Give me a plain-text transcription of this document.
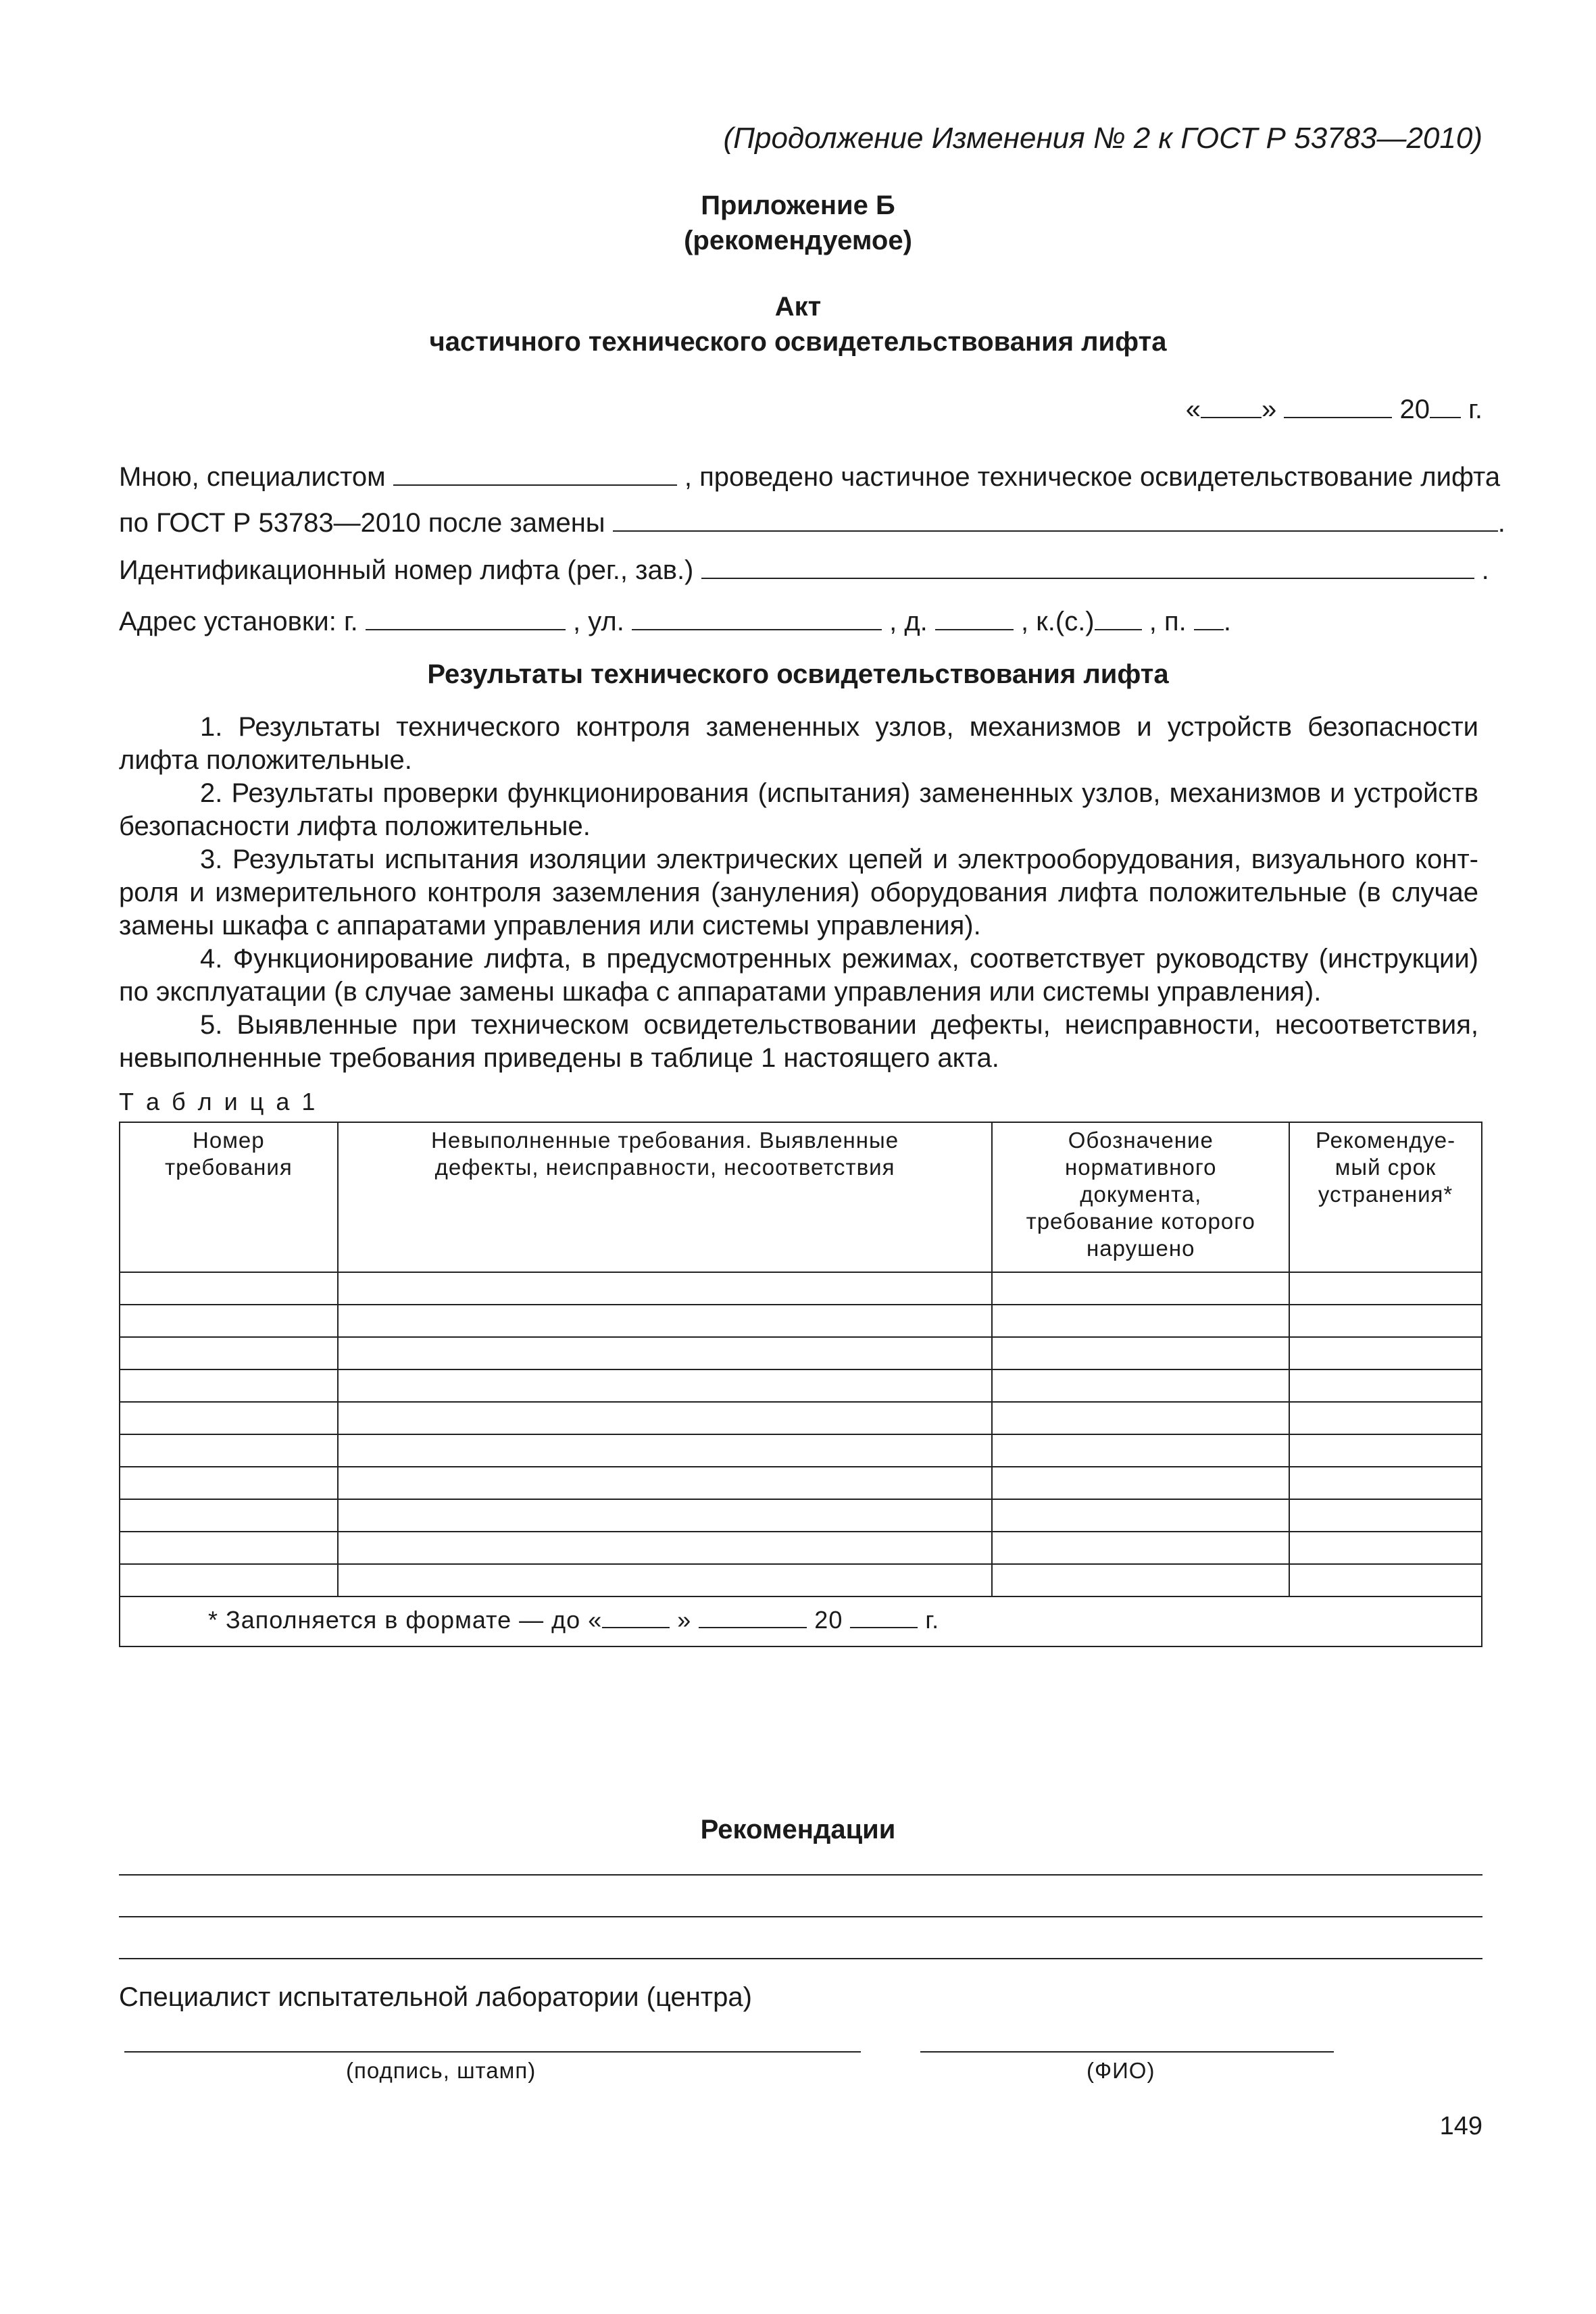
(Продолжение Изменения № 2 к ГОСТ Р 53783—2010)
Приложение Б
(рекомендуемое)
Акт
частичного технического освидетельствования лифта
« »	20 г.
Мною, специалистом	, проведено частичное техническое освидетельствование лифта
по ГОСТ Р 53783—2010 после замены	.
Идентификационный номер лифта (рег., зав.)	.
Адрес установки: г.	, ул.	, д.	, к.(с.) , п. .
Результаты технического освидетельствования лифта
1. Результаты технического контроля замененных узлов, механизмов и устройств безопасности лифта положительные.
2. Результаты проверки функционирования (испытания) замененных узлов, механизмов и устройств безопасности лифта положительные.
3. Результаты испытания изоляции электрических цепей и электрооборудования, визуального контроля и измерительного контроля заземления (зануления) оборудования лифта положительные (в случае замены шкафа с аппаратами управления или системы управления).
4. Функционирование лифта, в предусмотренных режимах, соответствует руководству (инструкции) по эксплуатации (в случае замены шкафа с аппаратами управления или системы управления).
5. Выявленные при техническом освидетельствовании дефекты, неисправности, несоответствия, невыполненные требования приведены в таблице 1 настоящего акта.
Т а б л и ц а 1
Номер требования	Невыполненные требования. Выявленные дефекты, неисправности, несоответствия	Обозначение нормативного документа, требование которого нарушено	Рекомендуе-мый срок устранения*

* Заполняется в формате — до « » 20 г.			
Рекомендации
Специалист испытательной лаборатории (центра)
(подпись, штамп)	(ФИО)
149
